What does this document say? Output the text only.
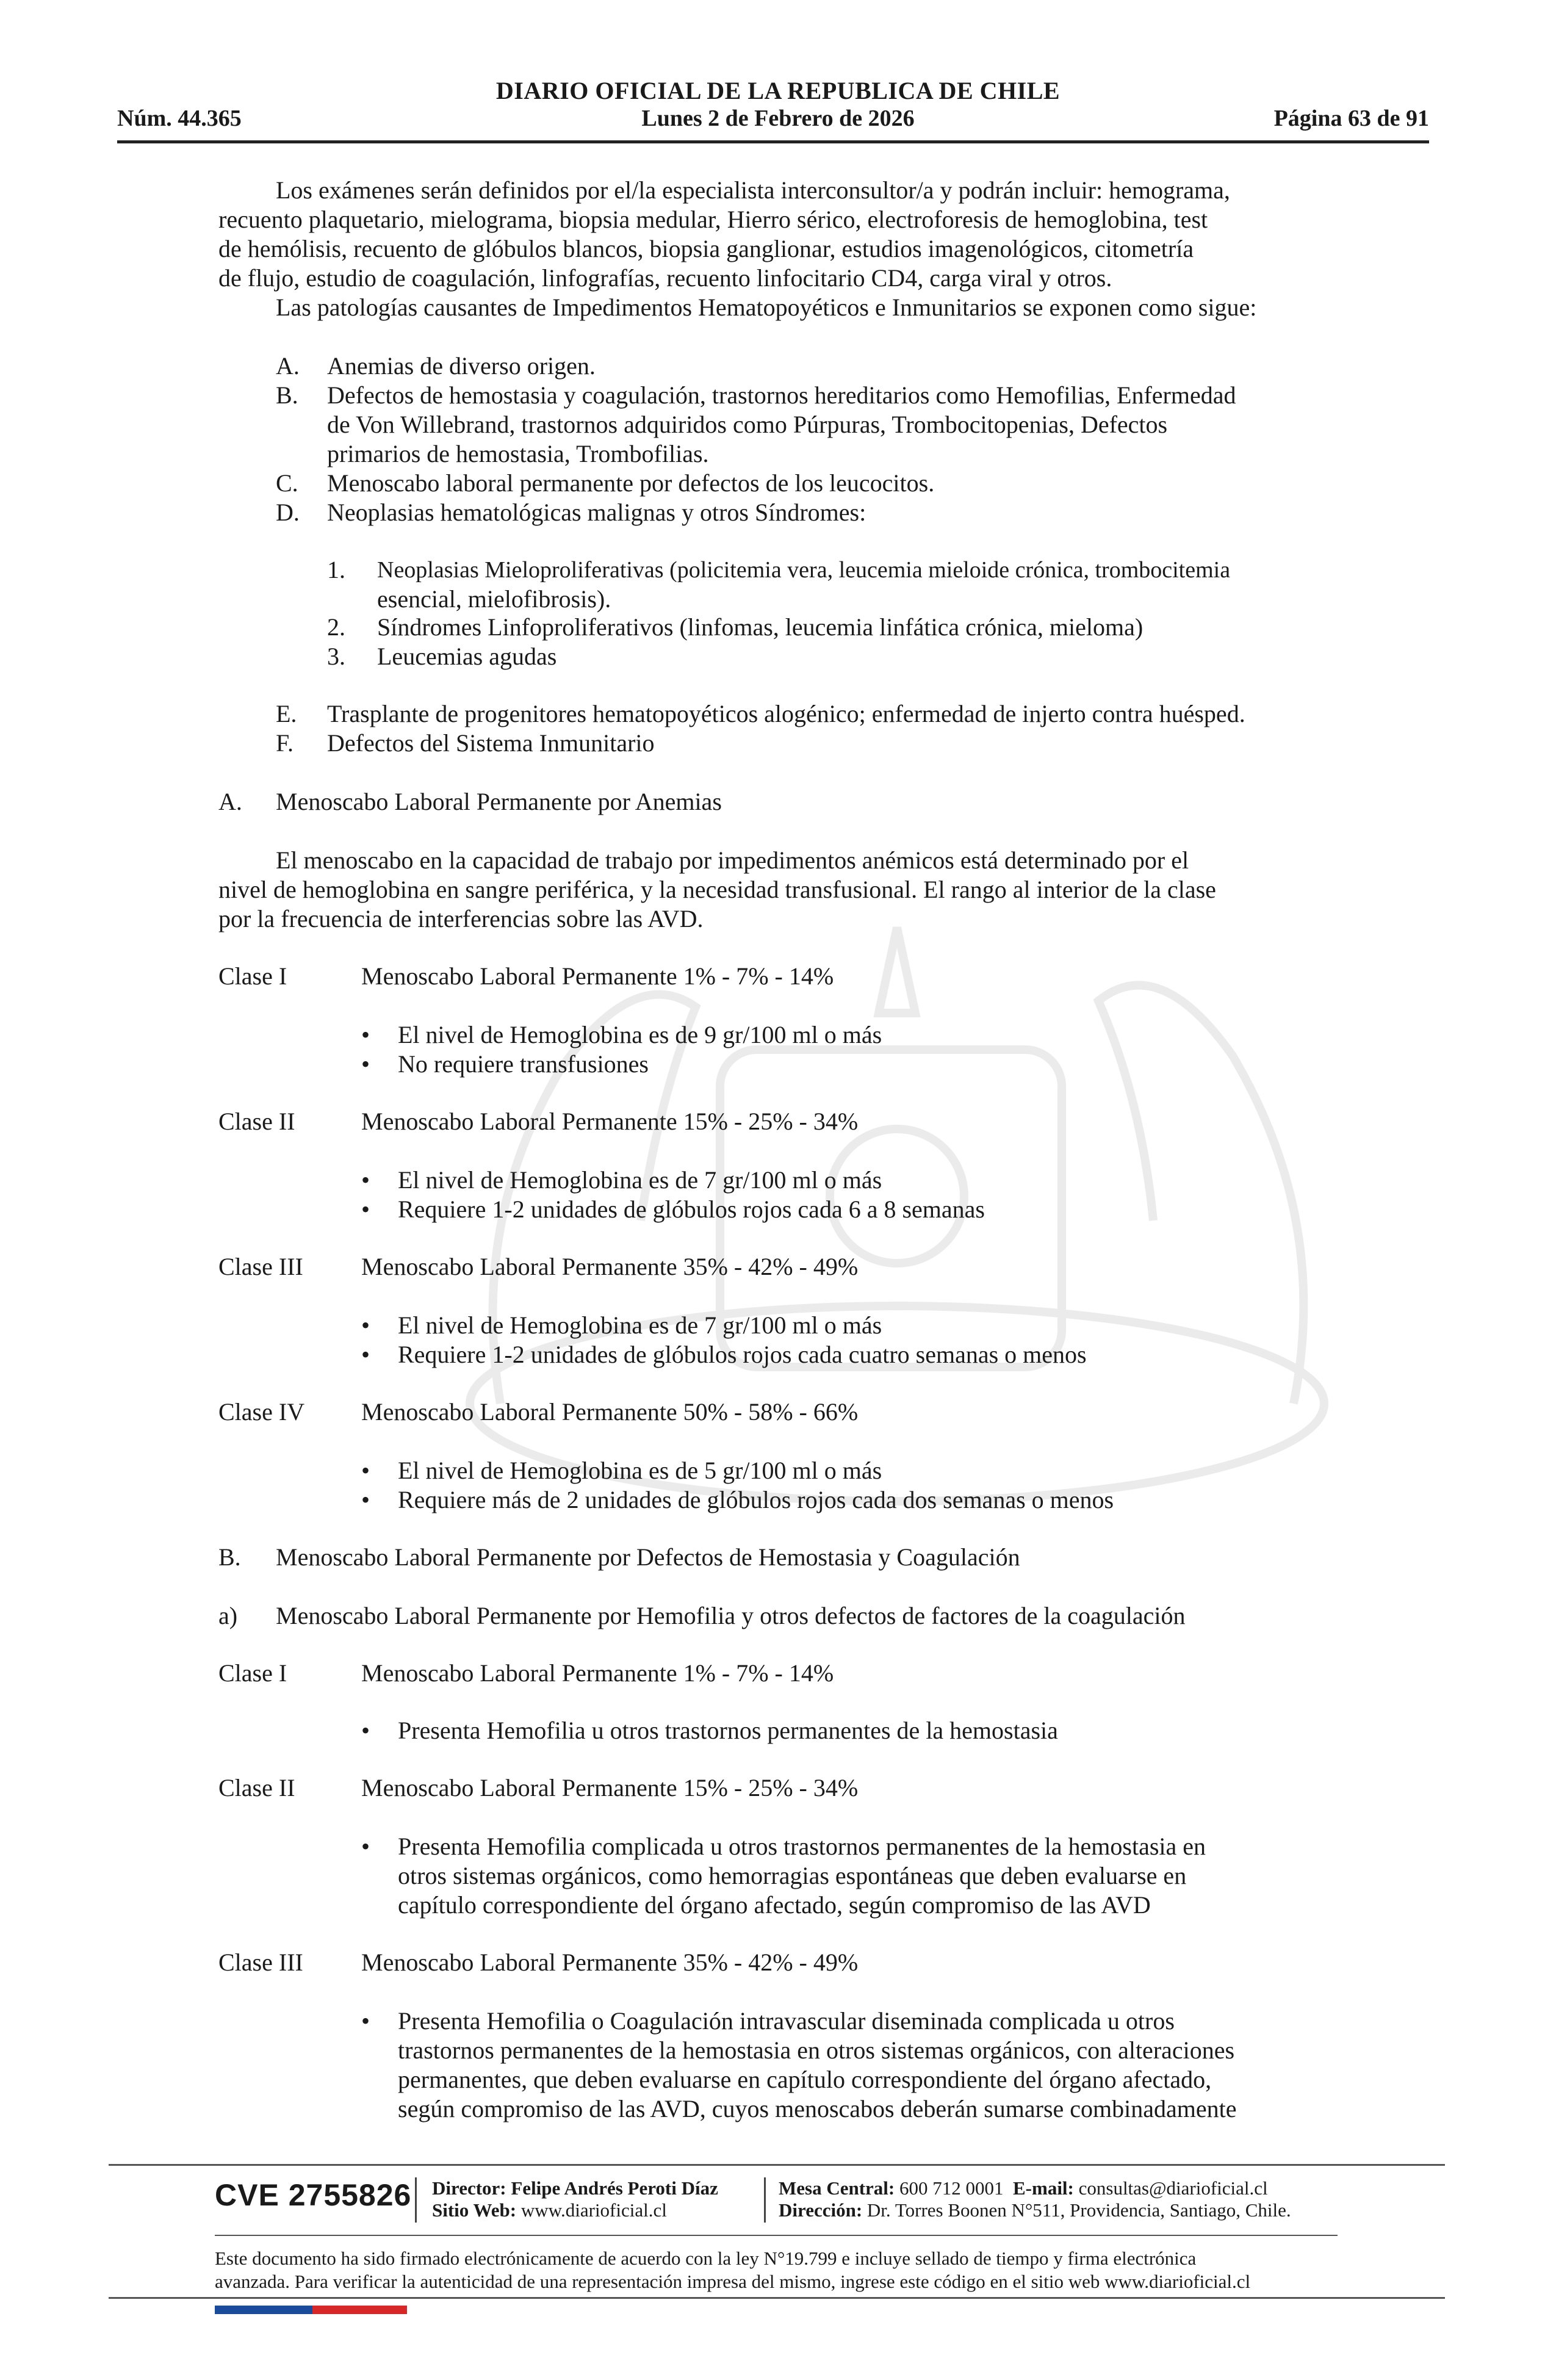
DIARIO OFICIAL DE LA REPUBLICA DE CHILE
Núm. 44.365	Lunes 2 de Febrero de 2026	Página 63 de 91
Los exámenes serán definidos por el/la especialista interconsultor/a y podrán incluir: hemograma,
recuento plaquetario, mielograma, biopsia medular, Hierro sérico, electroforesis de hemoglobina, test
de hemólisis, recuento de glóbulos blancos, biopsia ganglionar, estudios imagenológicos, citometría
de flujo, estudio de coagulación, linfografías, recuento linfocitario CD4, carga viral y otros.
Las patologías causantes de Impedimentos Hematopoyéticos e Inmunitarios se exponen como sigue:
A. Anemias de diverso origen.
B. Defectos de hemostasia y coagulación, trastornos hereditarios como Hemofilias, Enfermedad
de Von Willebrand, trastornos adquiridos como Púrpuras, Trombocitopenias, Defectos
primarios de hemostasia, Trombofilias.
C. Menoscabo laboral permanente por defectos de los leucocitos.
D. Neoplasias hematológicas malignas y otros Síndromes:
1. Neoplasias Mieloproliferativas (policitemia vera, leucemia mieloide crónica, trombocitemia
esencial, mielofibrosis).
2. Síndromes Linfoproliferativos (linfomas, leucemia linfática crónica, mieloma)
3. Leucemias agudas
E. Trasplante de progenitores hematopoyéticos alogénico; enfermedad de injerto contra huésped.
F. Defectos del Sistema Inmunitario
A. Menoscabo Laboral Permanente por Anemias
El menoscabo en la capacidad de trabajo por impedimentos anémicos está determinado por el
nivel de hemoglobina en sangre periférica, y la necesidad transfusional. El rango al interior de la clase
por la frecuencia de interferencias sobre las AVD.
Clase I	Menoscabo Laboral Permanente 1% - 7% - 14%
• El nivel de Hemoglobina es de 9 gr/100 ml o más
• No requiere transfusiones
Clase II	Menoscabo Laboral Permanente 15% - 25% - 34%
• El nivel de Hemoglobina es de 7 gr/100 ml o más
• Requiere 1-2 unidades de glóbulos rojos cada 6 a 8 semanas
Clase III Menoscabo Laboral Permanente 35% - 42% - 49%
• El nivel de Hemoglobina es de 7 gr/100 ml o más
• Requiere 1-2 unidades de glóbulos rojos cada cuatro semanas o menos
Clase IV Menoscabo Laboral Permanente 50% - 58% - 66%
• El nivel de Hemoglobina es de 5 gr/100 ml o más
• Requiere más de 2 unidades de glóbulos rojos cada dos semanas o menos
B. Menoscabo Laboral Permanente por Defectos de Hemostasia y Coagulación
a) Menoscabo Laboral Permanente por Hemofilia y otros defectos de factores de la coagulación
Clase I	Menoscabo Laboral Permanente 1% - 7% - 14%
• Presenta Hemofilia u otros trastornos permanentes de la hemostasia
Clase II	Menoscabo Laboral Permanente 15% - 25% - 34%
• Presenta Hemofilia complicada u otros trastornos permanentes de la hemostasia en
otros sistemas orgánicos, como hemorragias espontáneas que deben evaluarse en
capítulo correspondiente del órgano afectado, según compromiso de las AVD
Clase III Menoscabo Laboral Permanente 35% - 42% - 49%
• Presenta Hemofilia o Coagulación intravascular diseminada complicada u otros
trastornos permanentes de la hemostasia en otros sistemas orgánicos, con alteraciones
permanentes, que deben evaluarse en capítulo correspondiente del órgano afectado,
según compromiso de las AVD, cuyos menoscabos deberán sumarse combinadamente
CVE 2755826 Director: Felipe Andrés Peroti Díaz
Sitio Web: www.diarioficial.cl
Mesa Central: 600 712 0001 E-mail: consultas@diarioficial.cl
Dirección: Dr. Torres Boonen N°511, Providencia, Santiago, Chile.
Este documento ha sido firmado electrónicamente de acuerdo con la ley N°19.799 e incluye sellado de tiempo y firma electrónica
avanzada. Para verificar la autenticidad de una representación impresa del mismo, ingrese este código en el sitio web www.diarioficial.cl
